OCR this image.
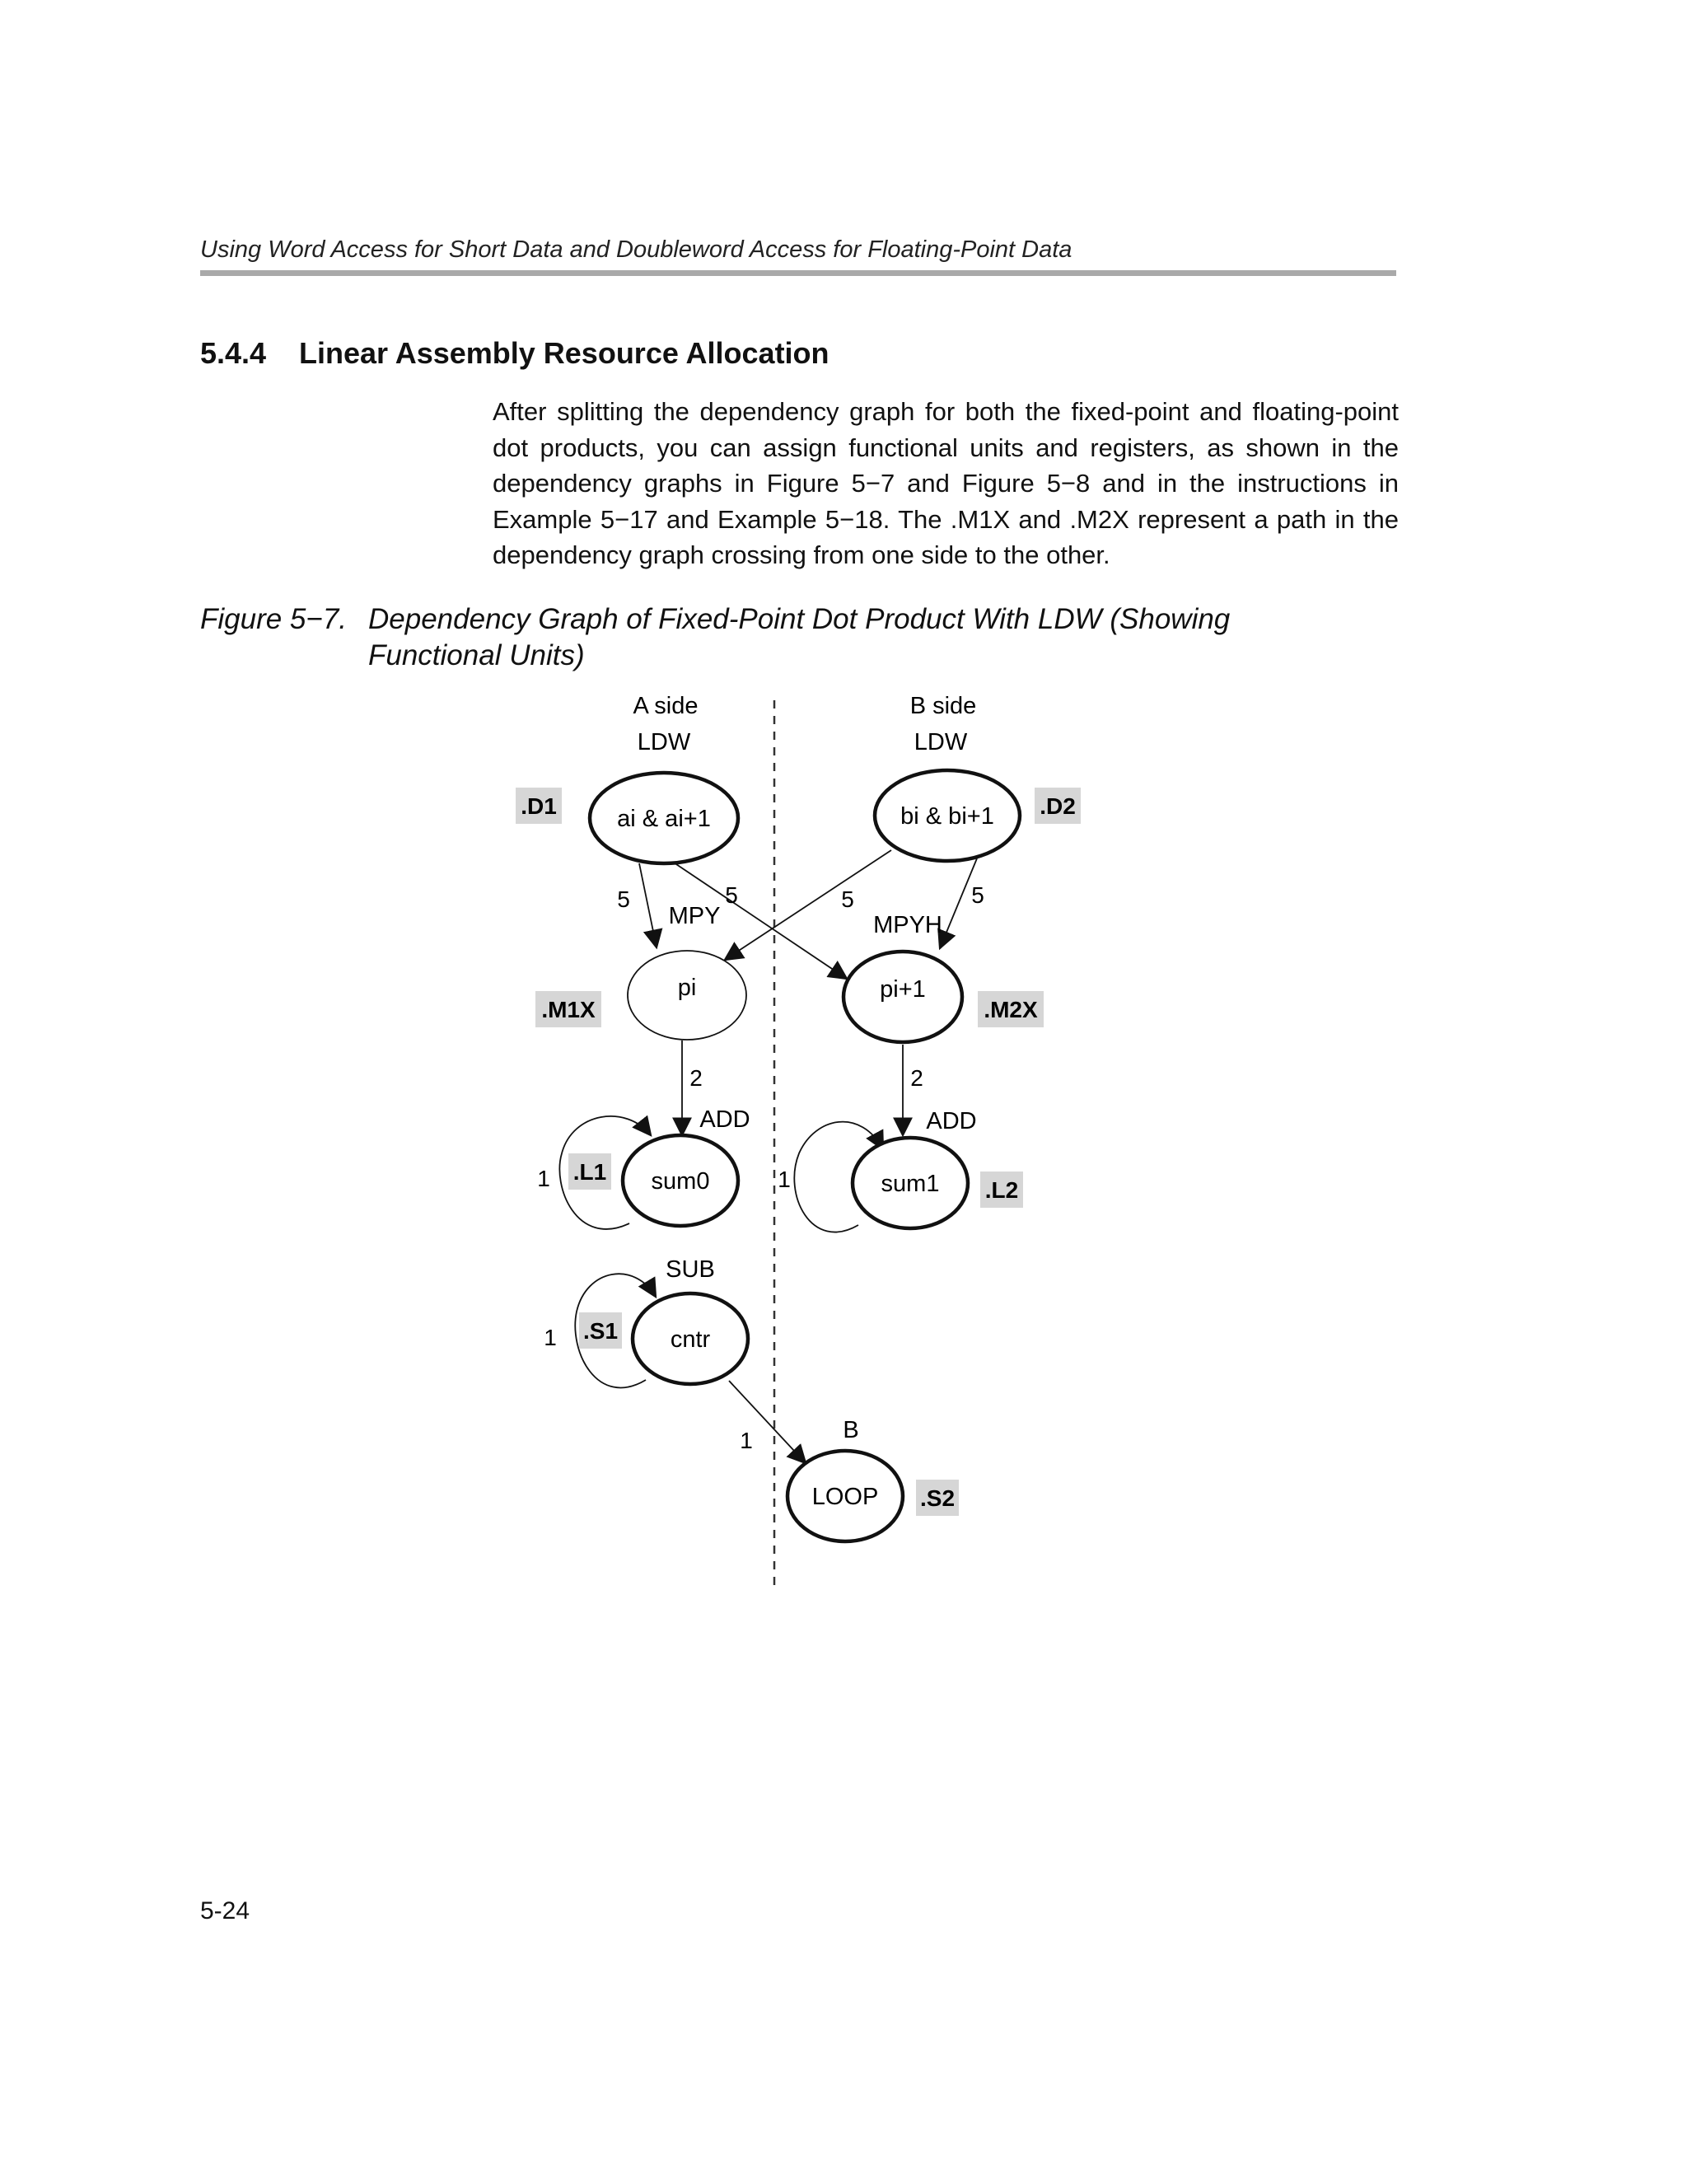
Using Word Access for Short Data and Doubleword Access for Floating-Point Data
5.4.4 Linear Assembly Resource Allocation
After splitting the dependency graph for both the fixed-point and floating-point dot products, you can assign functional units and registers, as shown in the dependency graphs in Figure 5−7 and Figure 5−8 and in the instructions in Example 5−17 and Example 5−18. The .M1X and .M2X represent a path in the dependency graph crossing from one side to the other.
Figure 5−7. Dependency Graph of Fixed-Point Dot Product With LDW (Showing Functional Units)
A side	B side
LDW	LDW
5	5	5	5
2	2
1	1
1
1
MPY	MPYH
ADD	ADD
SUB
B
ai & ai+1	bi & bi+1
pi	pi+1
sum0	sum1
cntr
LOOP
.D1	.D2
.M1X	.M2X
.L1
.L2
.S1
.S2
5-24
